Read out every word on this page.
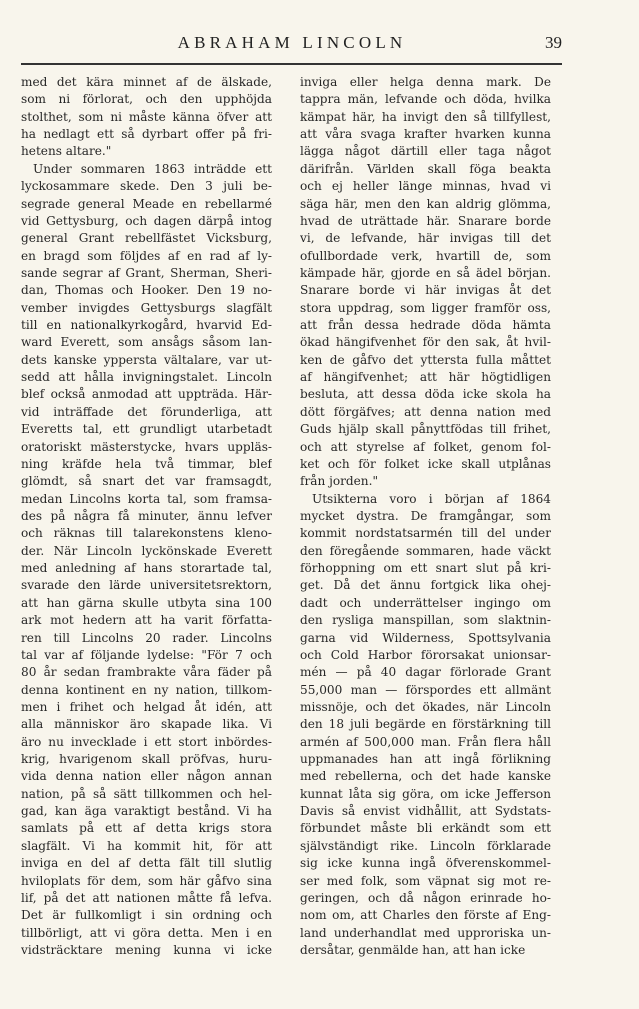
ABRAHAM LINCOLN	39
med det kära minnet af de älskade,
som ni förlorat, och den upphöjda
stolthet, som ni måste känna öfver att
ha nedlagt ett så dyrbart offer på fri-
hetens altare."
Under sommaren 1863 inträdde ett
lyckosammare skede. Den 3 juli be-
segrade general Meade en rebellarmé
vid Gettysburg, och dagen därpå intog
general Grant rebellfästet Vicksburg,
en bragd som följdes af en rad af ly-
sande segrar af Grant, Sherman, Sheri-
dan, Thomas och Hooker. Den 19 no-
vember invigdes Gettysburgs slagfält
till en nationalkyrkogård, hvarvid Ed-
ward Everett, som ansågs såsom lan-
dets kanske yppersta vältalare, var ut-
sedd att hålla invigningstalet. Lincoln
blef också anmodad att uppträda. Här-
vid inträffade det förunderliga, att
Everetts tal, ett grundligt utarbetadt
oratoriskt mästerstycke, hvars uppläs-
ning kräfde hela två timmar, blef
glömdt, så snart det var framsagdt,
medan Lincolns korta tal, som framsa-
des på några få minuter, ännu lefver
och räknas till talarekonstens kleno-
der. När Lincoln lyckönskade Everett
med anledning af hans storartade tal,
svarade den lärde universitetsrektorn,
att han gärna skulle utbyta sina 100
ark mot hedern att ha varit författa-
ren till Lincolns 20 rader. Lincolns
tal var af följande lydelse: "För 7 och
80 år sedan frambrakte våra fäder på
denna kontinent en ny nation, tillkom-
men i frihet och helgad åt idén, att
alla människor äro skapade lika. Vi
äro nu invecklade i ett stort inbördes-
krig, hvarigenom skall pröfvas, huru-
vida denna nation eller någon annan
nation, på så sätt tillkommen och hel-
gad, kan äga varaktigt bestånd. Vi ha
samlats på ett af detta krigs stora
slagfält. Vi ha kommit hit, för att
inviga en del af detta fält till slutlig
hviloplats för dem, som här gåfvo sina
lif, på det att nationen måtte få lefva.
Det är fullkomligt i sin ordning och
tillbörligt, att vi göra detta. Men i en
vidsträcktare mening kunna vi icke
inviga eller helga denna mark. De
tappra män, lefvande och döda, hvilka
kämpat här, ha invigt den så tillfyllest,
att våra svaga krafter hvarken kunna
lägga något därtill eller taga något
därifrån. Världen skall föga beakta
och ej heller länge minnas, hvad vi
säga här, men den kan aldrig glömma,
hvad de uträttade här. Snarare borde
vi, de lefvande, här invigas till det
ofullbordade verk, hvartill de, som
kämpade här, gjorde en så ädel början.
Snarare borde vi här invigas åt det
stora uppdrag, som ligger framför oss,
att från dessa hedrade döda hämta
ökad hängifvenhet för den sak, åt hvil-
ken de gåfvo det yttersta fulla måttet
af hängifvenhet; att här högtidligen
besluta, att dessa döda icke skola ha
dött förgäfves; att denna nation med
Guds hjälp skall pånyttfödas till frihet,
och att styrelse af folket, genom fol-
ket och för folket icke skall utplånas
från jorden."
Utsikterna voro i början af 1864
mycket dystra. De framgångar, som
kommit nordstatsarmén till del under
den föregående sommaren, hade väckt
förhoppning om ett snart slut på kri-
get. Då det ännu fortgick lika ohej-
dadt och underrättelser ingingo om
den rysliga manspillan, som slaktnin-
garna vid Wilderness, Spottsylvania
och Cold Harbor förorsakat unionsar-
mén — på 40 dagar förlorade Grant
55,000 man — förspordes ett allmänt
missnöje, och det ökades, när Lincoln
den 18 juli begärde en förstärkning till
armén af 500,000 man. Från flera håll
uppmanades han att ingå förlikning
med rebellerna, och det hade kanske
kunnat låta sig göra, om icke Jefferson
Davis så envist vidhållit, att Sydstats-
förbundet måste bli erkändt som ett
självständigt rike. Lincoln förklarade
sig icke kunna ingå öfverenskommel-
ser med folk, som väpnat sig mot re-
geringen, och då någon erinrade ho-
nom om, att Charles den förste af Eng-
land underhandlat med upproriska un-
dersåtar, genmälde han, att han icke
